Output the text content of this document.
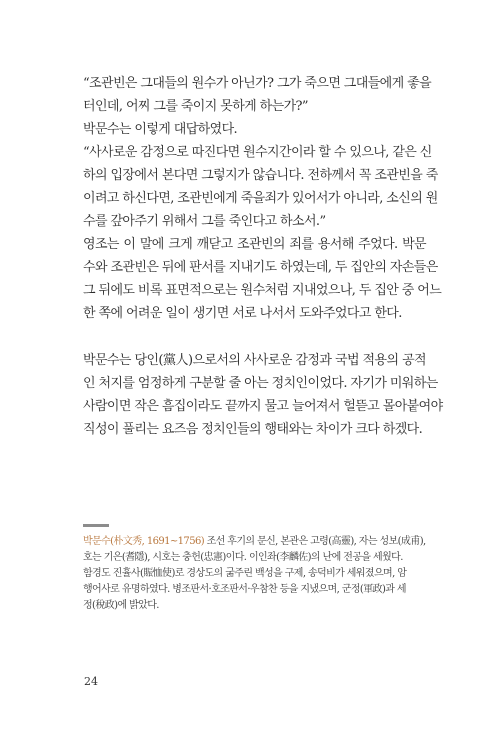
“조관빈은 그대들의 원수가 아닌가? 그가 죽으면 그대들에게 좋을
터인데, 어찌 그를 죽이지 못하게 하는가?”
박문수는 이렇게 대답하였다.
“사사로운 감정으로 따진다면 원수지간이라 할 수 있으나, 같은 신
하의 입장에서 본다면 그렇지가 않습니다. 전하께서 꼭 조관빈을 죽
이려고 하신다면, 조관빈에게 죽을죄가 있어서가 아니라, 소신의 원
수를 갚아주기 위해서 그를 죽인다고 하소서.”
영조는 이 말에 크게 깨닫고 조관빈의 죄를 용서해 주었다. 박문
수와 조관빈은 뒤에 판서를 지내기도 하였는데, 두 집안의 자손들은
그 뒤에도 비록 표면적으로는 원수처럼 지내었으나, 두 집안 중 어느
한 쪽에 어려운 일이 생기면 서로 나서서 도와주었다고 한다.
박문수는 당인(黨人)으로서의 사사로운 감정과 국법 적용의 공적
인 처지를 엄정하게 구분할 줄 아는 정치인이었다. 자기가 미워하는
사람이면 작은 흠집이라도 끝까지 물고 늘어져서 헐뜯고 몰아붙여야
직성이 풀리는 요즈음 정치인들의 행태와는 차이가 크다 하겠다.
박문수(朴文秀, 1691~1756) 조선 후기의 문신, 본관은 고령(高靈), 자는 성보(成甫),
호는 기은(耆隱), 시호는 충헌(忠憲)이다. 이인좌(李麟佐)의 난에 전공을 세웠다.
함경도 진휼사(賑恤使)로 경상도의 굶주린 백성을 구제, 송덕비가 세워졌으며, 암
행어사로 유명하였다. 병조판서·호조판서·우참찬 등을 지냈으며, 군정(軍政)과 세
정(稅政)에 밝았다.
24
